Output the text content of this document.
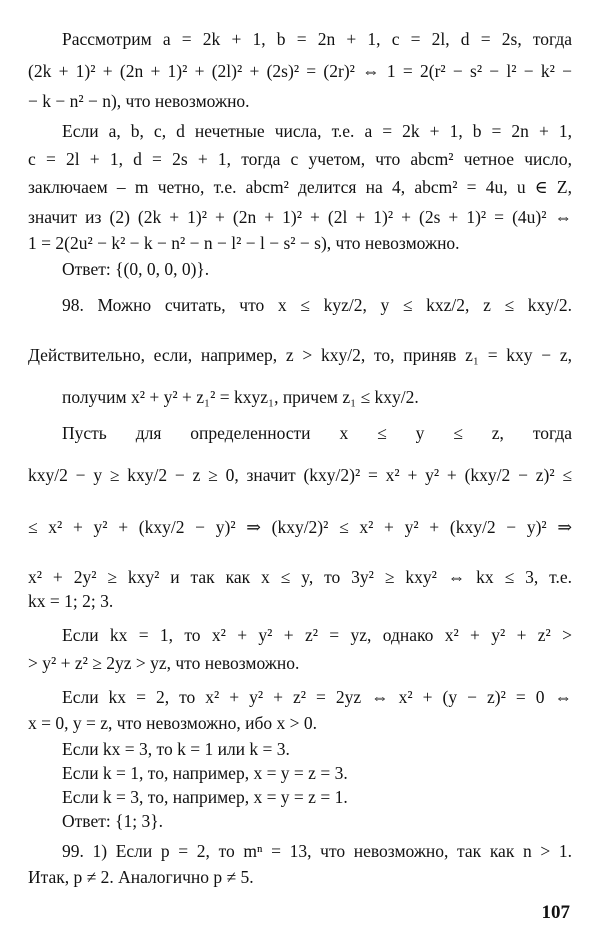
Рассмотрим a = 2k + 1, b = 2n + 1, c = 2l, d = 2s, тогда
(2k + 1)² + (2n + 1)² + (2l)² + (2s)² = (2r)² ⇔ 1 = 2(r² − s² − l² − k² −
− k − n² − n), что невозможно.
Если a, b, c, d нечетные числа, т.е. a = 2k + 1, b = 2n + 1,
c = 2l + 1, d = 2s + 1, тогда с учетом, что abcm² четное число,
заключаем – m четно, т.е. abcm² делится на 4, abcm² = 4u, u ∈ Z,
значит из (2) (2k + 1)² + (2n + 1)² + (2l + 1)² + (2s + 1)² = (4u)² ⇔
1 = 2(2u² − k² − k − n² − n − l² − l − s² − s), что невозможно.
Ответ: {(0, 0, 0, 0)}.
98. Можно считать, что x ≤ kyz/2, y ≤ kxz/2, z ≤ kxy/2.
Действительно, если, например, z > kxy/2, то, приняв z₁ = kxy − z,
получим x² + y² + z₁² = kxyz₁, причем z₁ ≤ kxy/2.
Пусть для определенности x ≤ y ≤ z, тогда
kxy/2 − y ≥ kxy/2 − z ≥ 0, значит (kxy/2)² = x² + y² + (kxy/2 − z)² ≤
≤ x² + y² + (kxy/2 − y)² ⇒ (kxy/2)² ≤ x² + y² + (kxy/2 − y)² ⇒
x² + 2y² ≥ kxy² и так как x ≤ y, то 3y² ≥ kxy² ⇔ kx ≤ 3, т.е.
kx = 1; 2; 3.
Если kx = 1, то x² + y² + z² = yz, однако x² + y² + z² >
> y² + z² ≥ 2yz > yz, что невозможно.
Если kx = 2, то x² + y² + z² = 2yz ⇔ x² + (y − z)² = 0 ⇔
x = 0, y = z, что невозможно, ибо x > 0.
Если kx = 3, то k = 1 или k = 3.
Если k = 1, то, например, x = y = z = 3.
Если k = 3, то, например, x = y = z = 1.
Ответ: {1; 3}.
99. 1) Если p = 2, то mⁿ = 13, что невозможно, так как n > 1.
Итак, p ≠ 2. Аналогично p ≠ 5.
107
